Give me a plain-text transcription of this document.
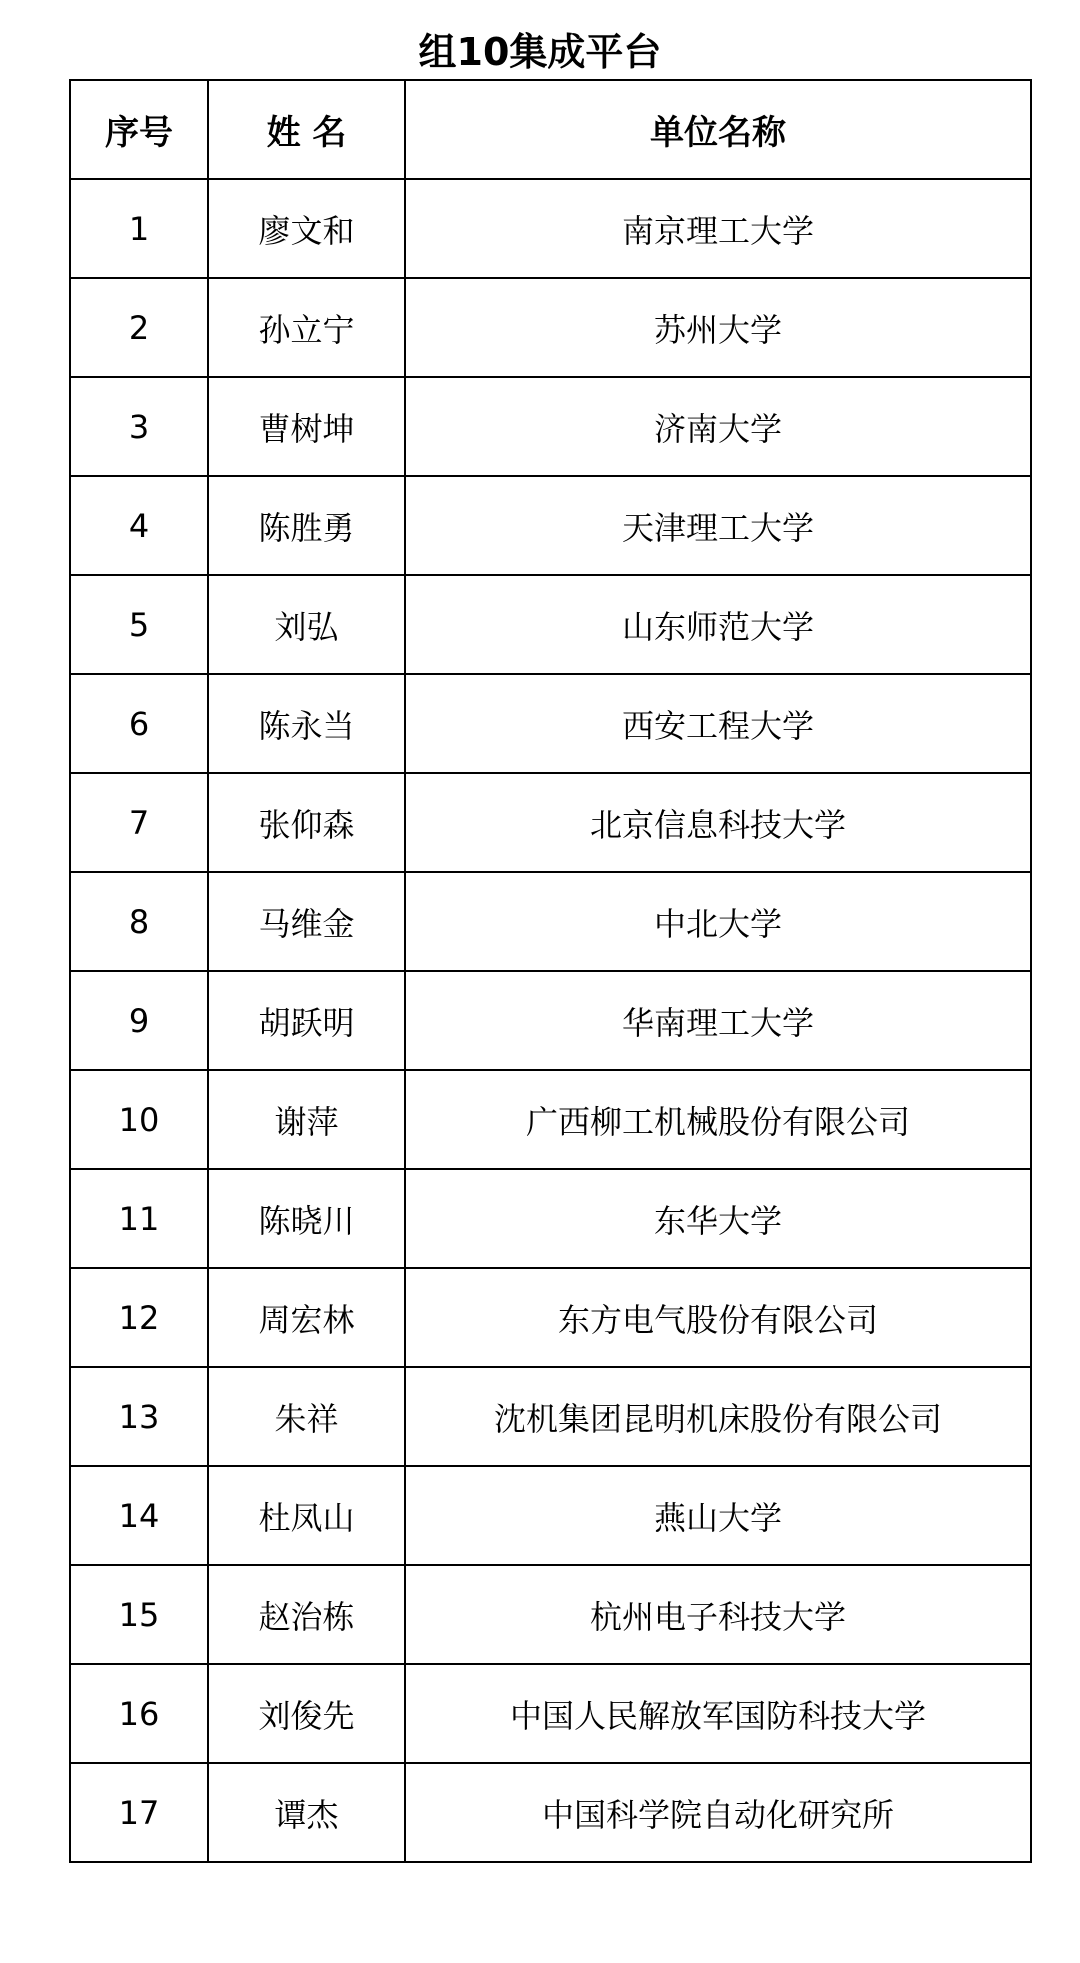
组10集成平台
序号	姓 名	单位名称
1	廖文和	南京理工大学
2	孙立宁	苏州大学
3	曹树坤	济南大学
4	陈胜勇	天津理工大学
5	刘弘	山东师范大学
6	陈永当	西安工程大学
7	张仰森	北京信息科技大学
8	马维金	中北大学
9	胡跃明	华南理工大学
10	谢萍	广西柳工机械股份有限公司
11	陈晓川	东华大学
12	周宏林	东方电气股份有限公司
13	朱祥	沈机集团昆明机床股份有限公司
14	杜凤山	燕山大学
15	赵治栋	杭州电子科技大学
16	刘俊先	中国人民解放军国防科技大学
17	谭杰	中国科学院自动化研究所
